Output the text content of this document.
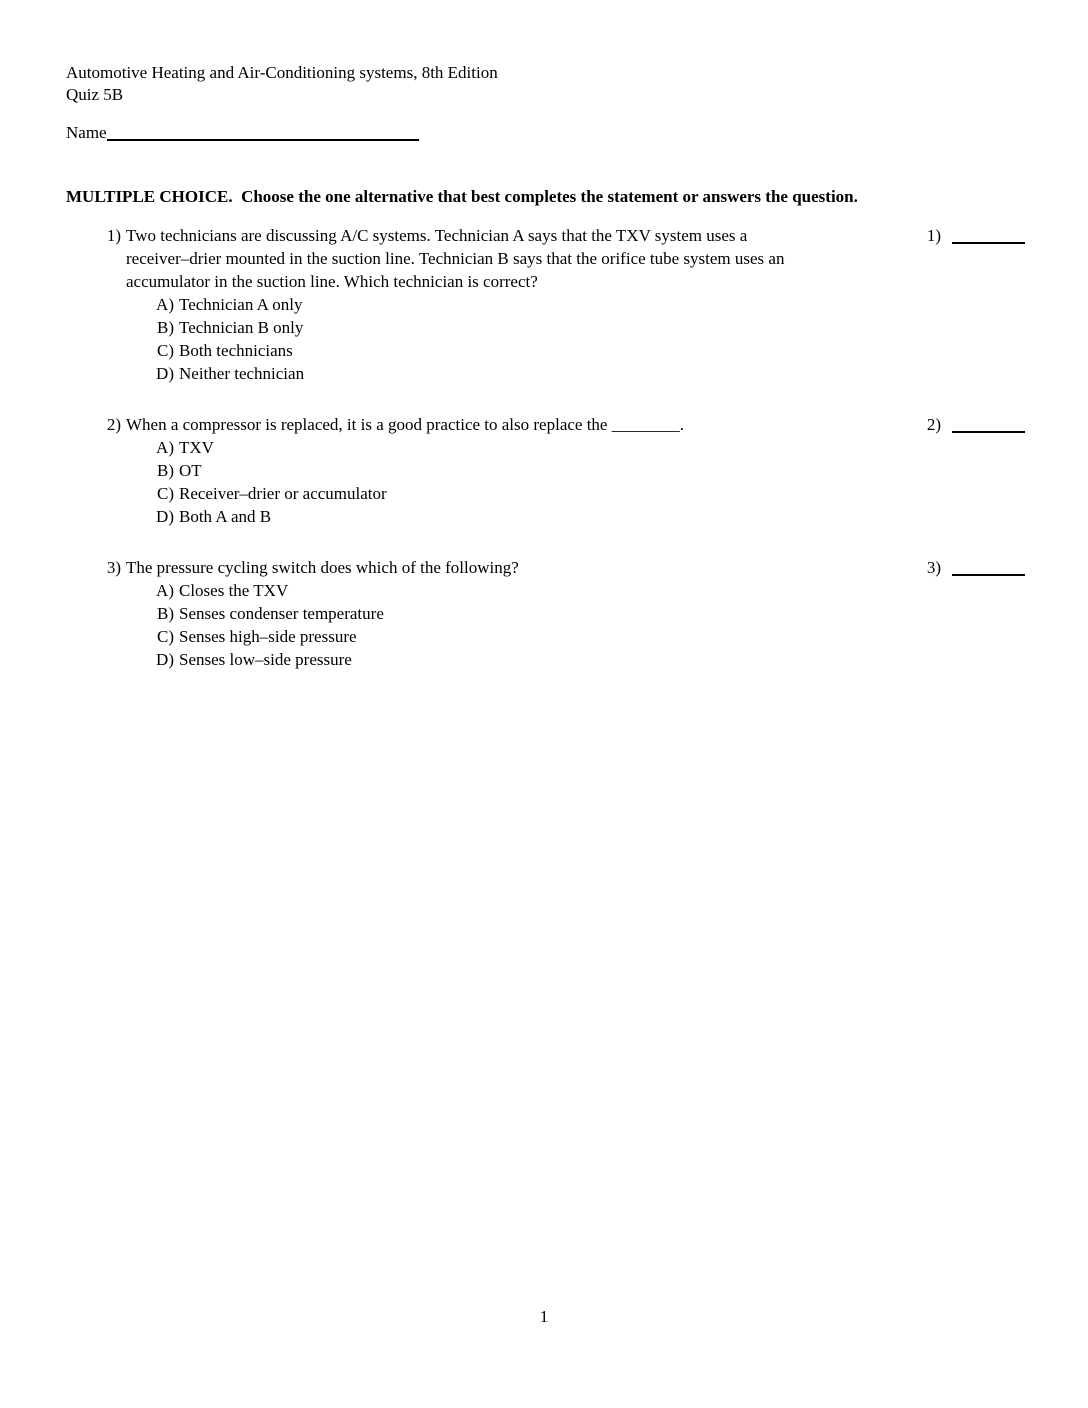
Automotive Heating and Air-Conditioning systems, 8th Edition
Quiz 5B
Name
MULTIPLE CHOICE.  Choose the one alternative that best completes the statement or answers the question.
1) Two technicians are discussing A/C systems. Technician A says that the TXV system uses a
receiver–drier mounted in the suction line. Technician B says that the orifice tube system uses an
accumulator in the suction line. Which technician is correct?
A) Technician A only
B) Technician B only
C) Both technicians
D) Neither technician
1)
2) When a compressor is replaced, it is a good practice to also replace the ________.
A) TXV
B) OT
C) Receiver–drier or accumulator
D) Both A and B
2)
3) The pressure cycling switch does which of the following?
A) Closes the TXV
B) Senses condenser temperature
C) Senses high–side pressure
D) Senses low–side pressure
3)
1
